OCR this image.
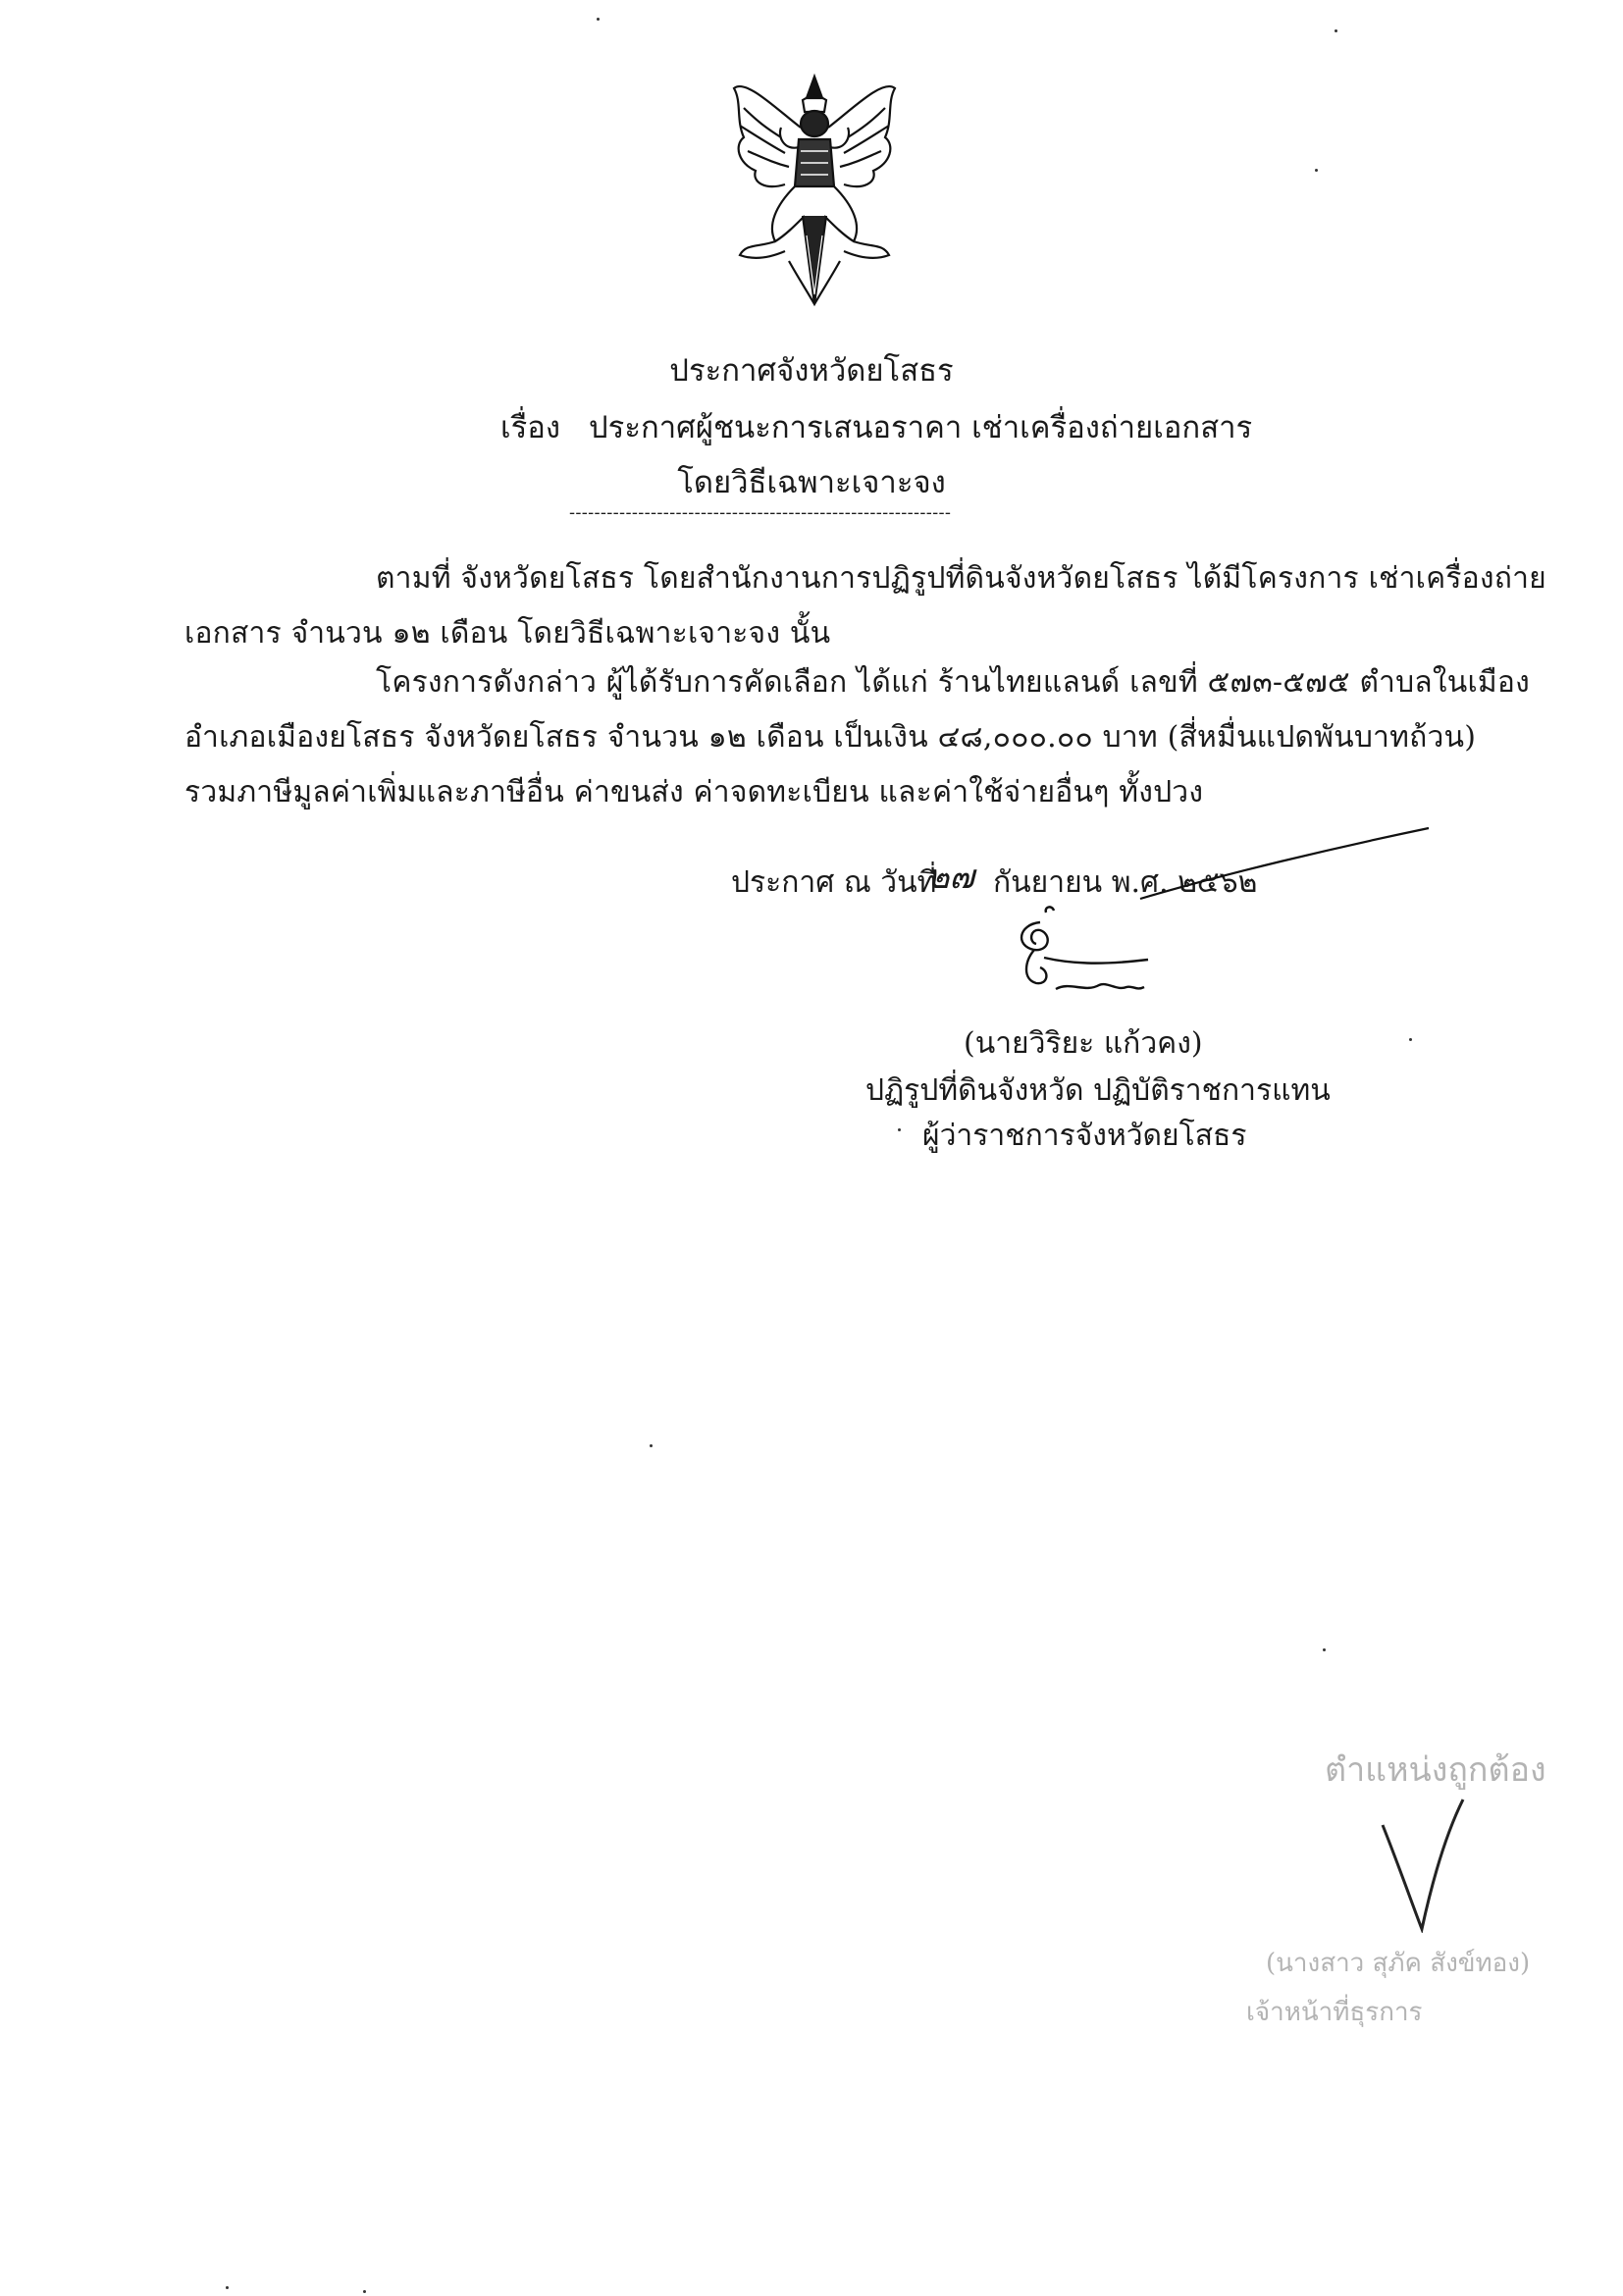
ประกาศจังหวัดยโสธร
เรื่อง ประกาศผู้ชนะการเสนอราคา เช่าเครื่องถ่ายเอกสาร
โดยวิธีเฉพาะเจาะจง
-------------------------------------------------------------
ตามที่ จังหวัดยโสธร โดยสำนักงานการปฏิรูปที่ดินจังหวัดยโสธร ได้มีโครงการ เช่าเครื่องถ่าย
เอกสาร จำนวน ๑๒ เดือน โดยวิธีเฉพาะเจาะจง นั้น
โครงการดังกล่าว ผู้ได้รับการคัดเลือก ได้แก่ ร้านไทยแลนด์ เลขที่ ๕๗๓-๕๗๕ ตำบลในเมือง
อำเภอเมืองยโสธร จังหวัดยโสธร จำนวน ๑๒ เดือน เป็นเงิน ๔๘,๐๐๐.๐๐ บาท (สี่หมื่นแปดพันบาทถ้วน)
รวมภาษีมูลค่าเพิ่มและภาษีอื่น ค่าขนส่ง ค่าจดทะเบียน และค่าใช้จ่ายอื่นๆ ทั้งปวง
ประกาศ ณ วันที่
๒๗ กันยายน พ.ศ. ๒๕๖๒
(นายวิริยะ แก้วคง)
ปฏิรูปที่ดินจังหวัด ปฏิบัติราชการแทน
ผู้ว่าราชการจังหวัดยโสธร
ตำแหน่งถูกต้อง
(นางสาว สุภัค สังข์ทอง)
เจ้าหน้าที่ธุรการ
